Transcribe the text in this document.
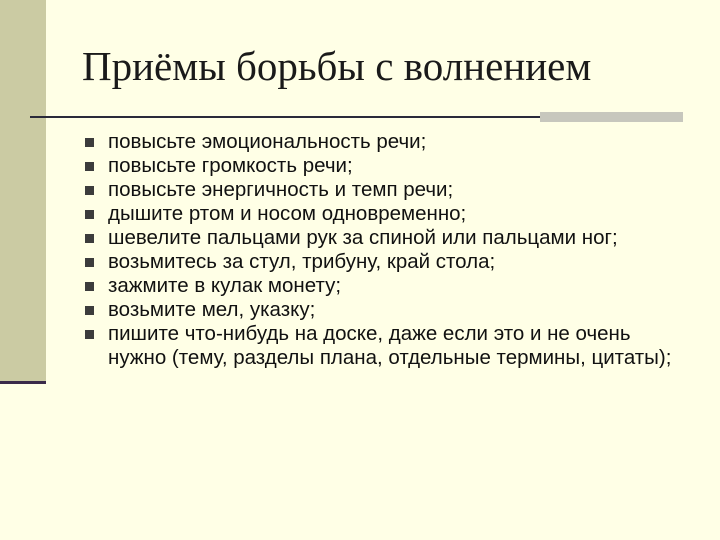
Приёмы борьбы с волнением
повысьте эмоциональность речи;
повысьте громкость речи;
повысьте энергичность и темп речи;
дышите ртом и носом одновременно;
шевелите пальцами рук за спиной или пальцами ног;
возьмитесь за стул, трибуну, край стола;
зажмите в кулак монету;
возьмите мел, указку;
пишите что-нибудь на доске, даже если это и не очень нужно (тему, разделы плана, отдельные термины, цитаты);
